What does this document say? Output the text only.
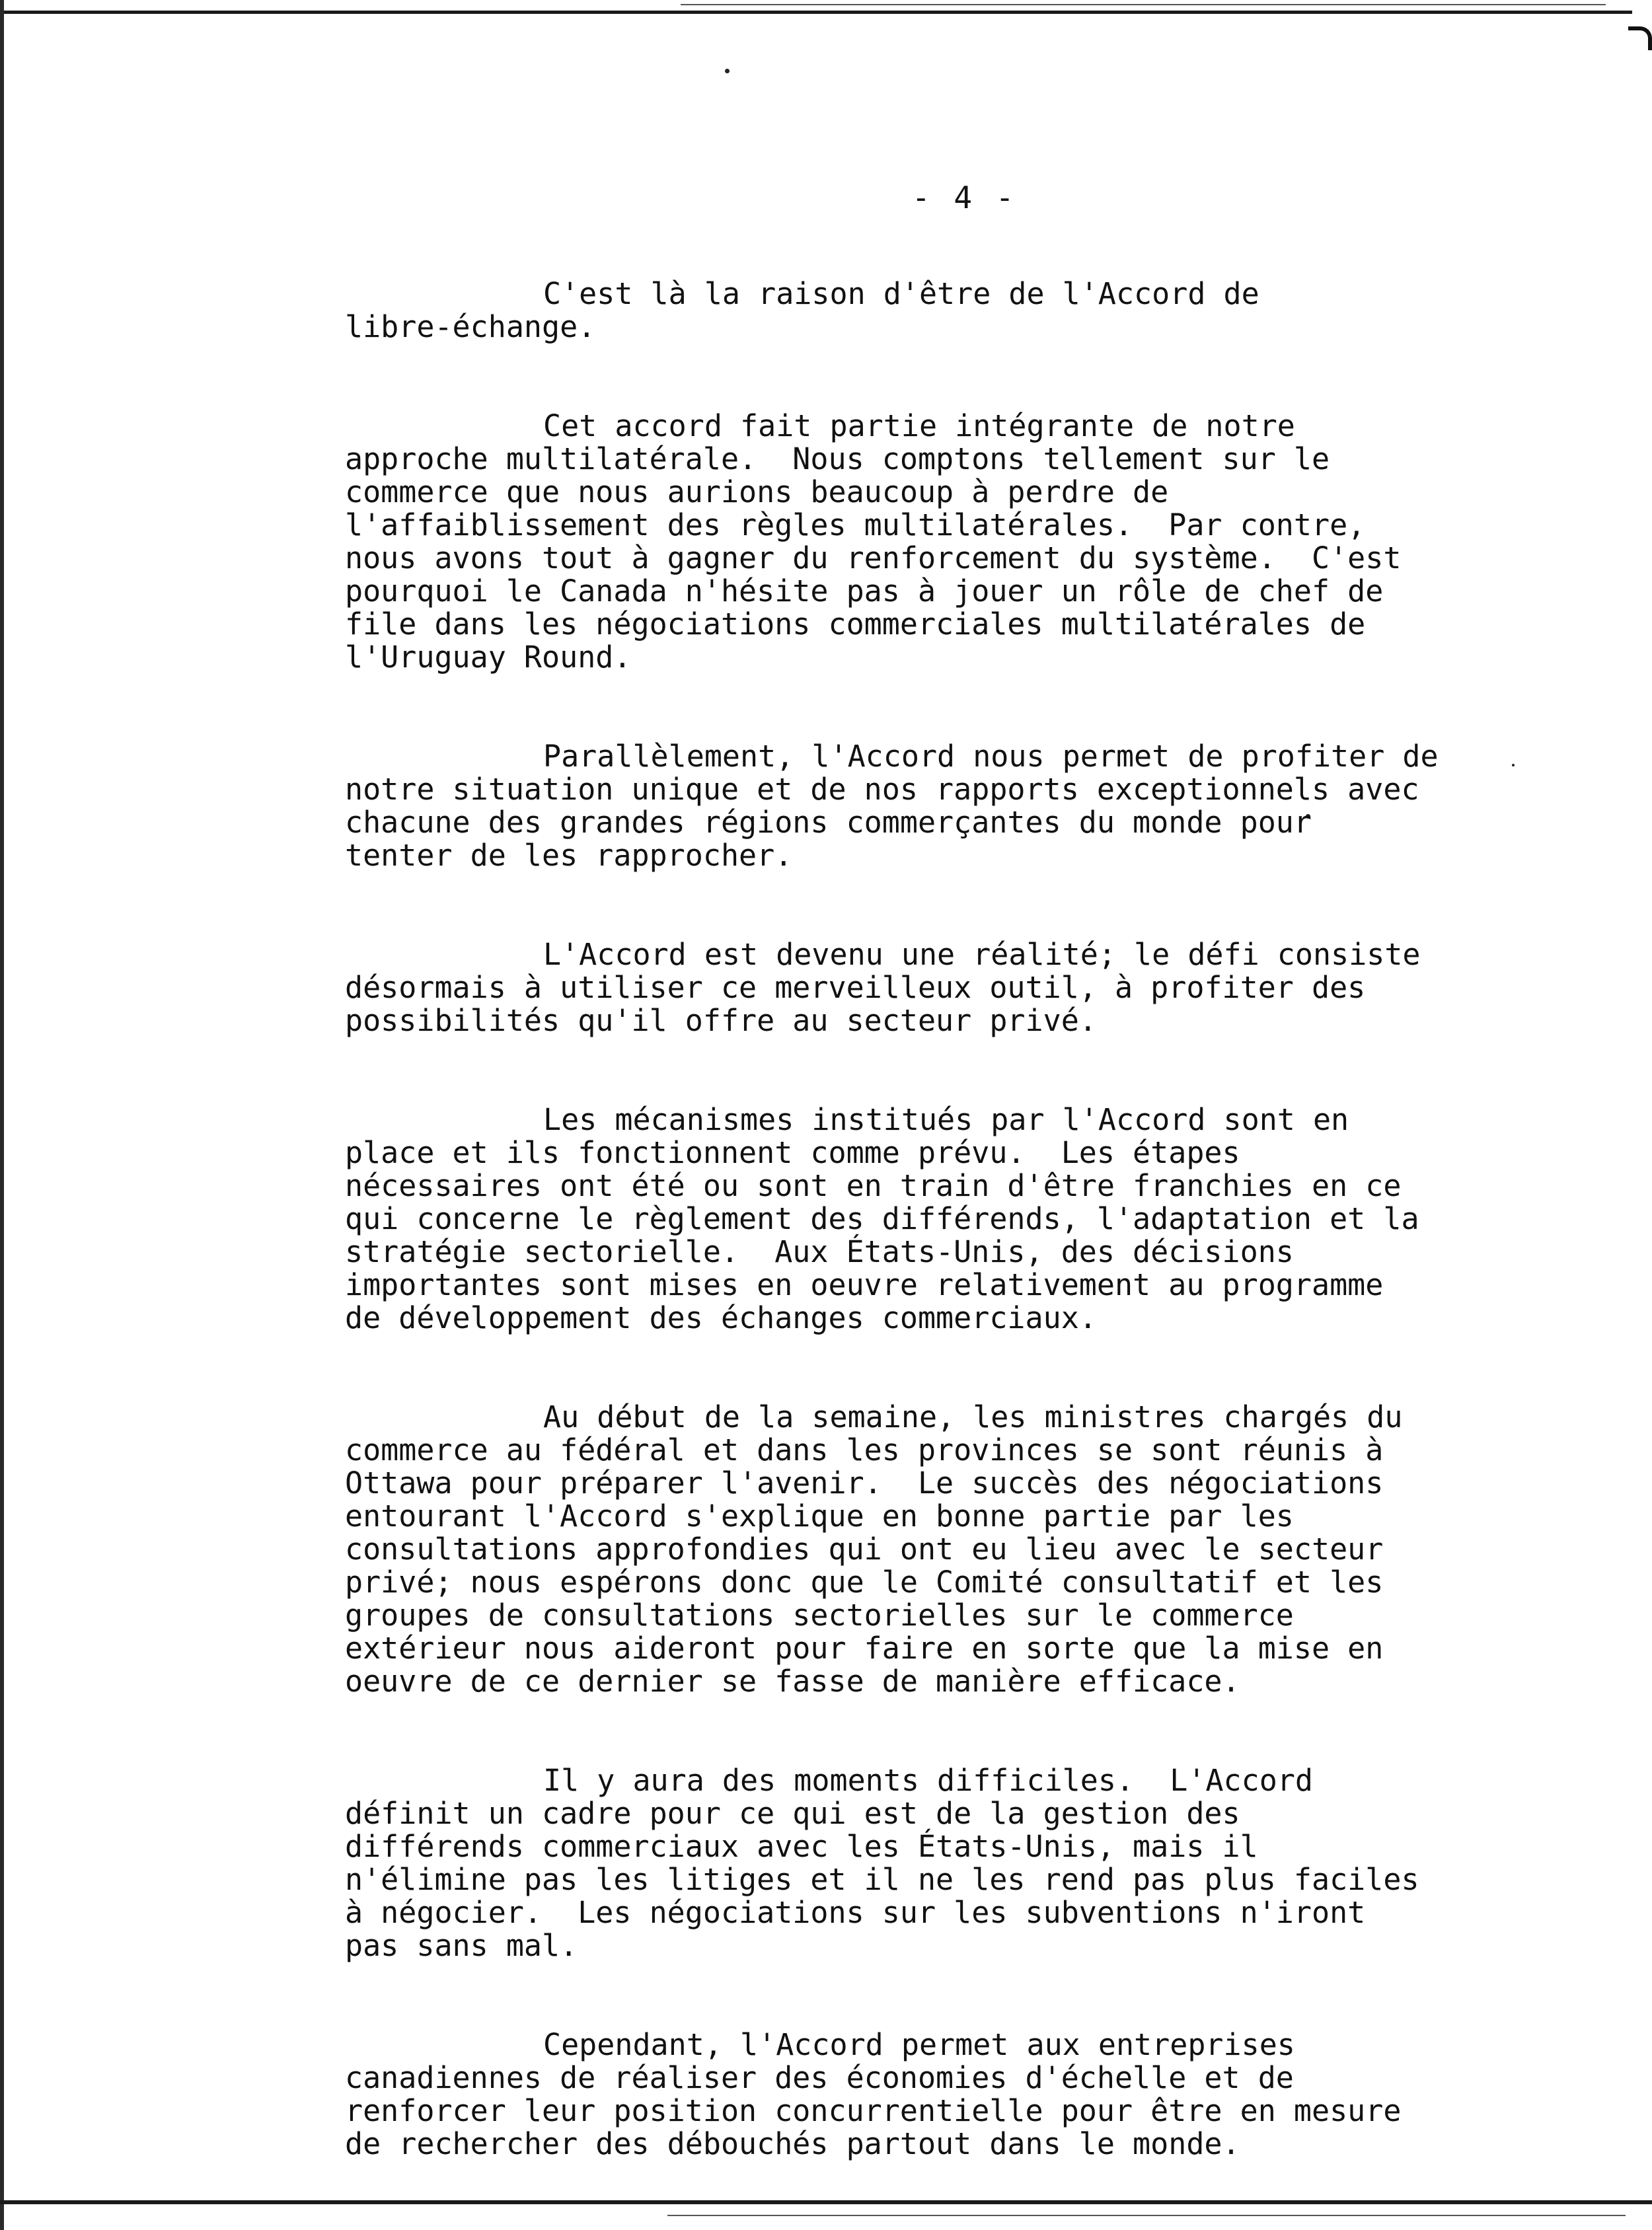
- 4 -
C'est là la raison d'être de l'Accord de
libre-échange.
Cet accord fait partie intégrante de notre
approche multilatérale.  Nous comptons tellement sur le
commerce que nous aurions beaucoup à perdre de
l'affaiblissement des règles multilatérales.  Par contre,
nous avons tout à gagner du renforcement du système.  C'est
pourquoi le Canada n'hésite pas à jouer un rôle de chef de
file dans les négociations commerciales multilatérales de
l'Uruguay Round.
Parallèlement, l'Accord nous permet de profiter de
notre situation unique et de nos rapports exceptionnels avec
chacune des grandes régions commerçantes du monde pour
tenter de les rapprocher.
L'Accord est devenu une réalité; le défi consiste
désormais à utiliser ce merveilleux outil, à profiter des
possibilités qu'il offre au secteur privé.
Les mécanismes institués par l'Accord sont en
place et ils fonctionnent comme prévu.  Les étapes
nécessaires ont été ou sont en train d'être franchies en ce
qui concerne le règlement des différends, l'adaptation et la
stratégie sectorielle.  Aux États-Unis, des décisions
importantes sont mises en oeuvre relativement au programme
de développement des échanges commerciaux.
Au début de la semaine, les ministres chargés du
commerce au fédéral et dans les provinces se sont réunis à
Ottawa pour préparer l'avenir.  Le succès des négociations
entourant l'Accord s'explique en bonne partie par les
consultations approfondies qui ont eu lieu avec le secteur
privé; nous espérons donc que le Comité consultatif et les
groupes de consultations sectorielles sur le commerce
extérieur nous aideront pour faire en sorte que la mise en
oeuvre de ce dernier se fasse de manière efficace.
Il y aura des moments difficiles.  L'Accord
définit un cadre pour ce qui est de la gestion des
différends commerciaux avec les États-Unis, mais il
n'élimine pas les litiges et il ne les rend pas plus faciles
à négocier.  Les négociations sur les subventions n'iront
pas sans mal.
Cependant, l'Accord permet aux entreprises
canadiennes de réaliser des économies d'échelle et de
renforcer leur position concurrentielle pour être en mesure
de rechercher des débouchés partout dans le monde.
